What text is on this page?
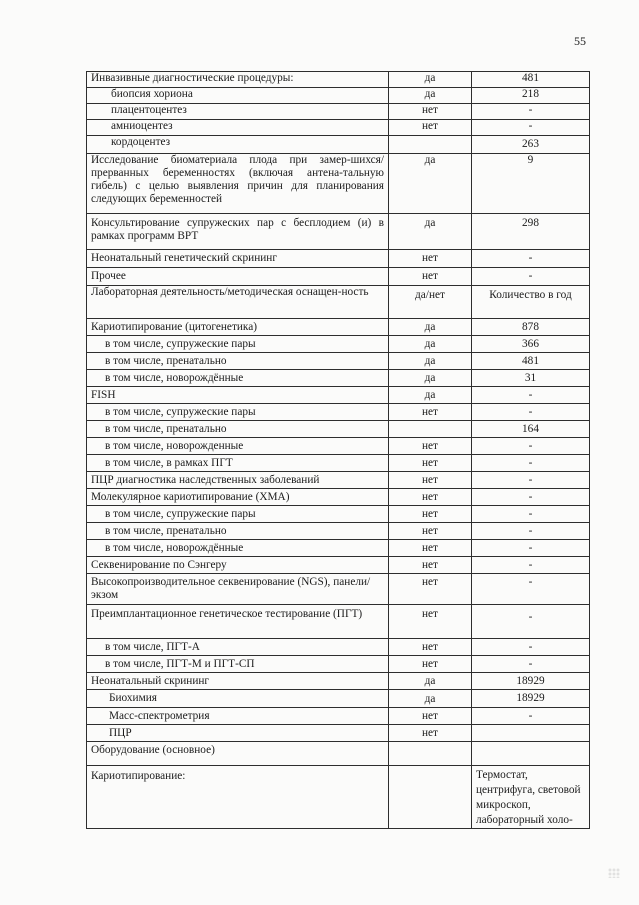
55
Инвазивные диагностические процедуры:	да	481
биопсия хориона	да	218
плацентоцентез	нет	-
амниоцентез	нет	-
кордоцентез		263
Исследование биоматериала плода при замер-шихся/прерванных беременностях (включая антена-тальную гибель) с целью выявления причин для планирования следующих беременностей	да	9
Консультирование супружеских пар с бесплодием (и) в рамках программ ВРТ	да	298
Неонатальный генетический скрининг	нет	-
Прочее	нет	-
Лабораторная деятельность/методическая оснащен-ность	да/нет	Количество в год
Кариотипирование (цитогенетика)	да	878
в том числе, супружеские пары	да	366
в том числе, пренатально	да	481
в том числе, новорождённые	да	31
FISH	да	-
в том числе, супружеские пары	нет	-
в том числе, пренатально		164
в том числе, новорожденные	нет	-
в том числе, в рамках ПГТ	нет	-
ПЦР диагностика наследственных заболеваний	нет	-
Молекулярное кариотипирование (ХМА)	нет	-
в том числе, супружеские пары	нет	-
в том числе, пренатально	нет	-
в том числе, новорождённые	нет	-
Секвенирование по Сэнгеру	нет	-
Высокопроизводительное секвенирование (NGS), панели/экзом	нет	-
Преимплантационное генетическое тестирование (ПГТ)	нет	-
в том числе, ПГТ-А	нет	-
в том числе, ПГТ-М и ПГТ-СП	нет	-
Неонатальный скрининг	да	18929
Биохимия	да	18929
Масс-спектрометрия	нет	-
ПЦР	нет	
Оборудование (основное)		
Кариотипирование:		Термостат, центрифуга, световой микроскоп, лабораторный холо-
